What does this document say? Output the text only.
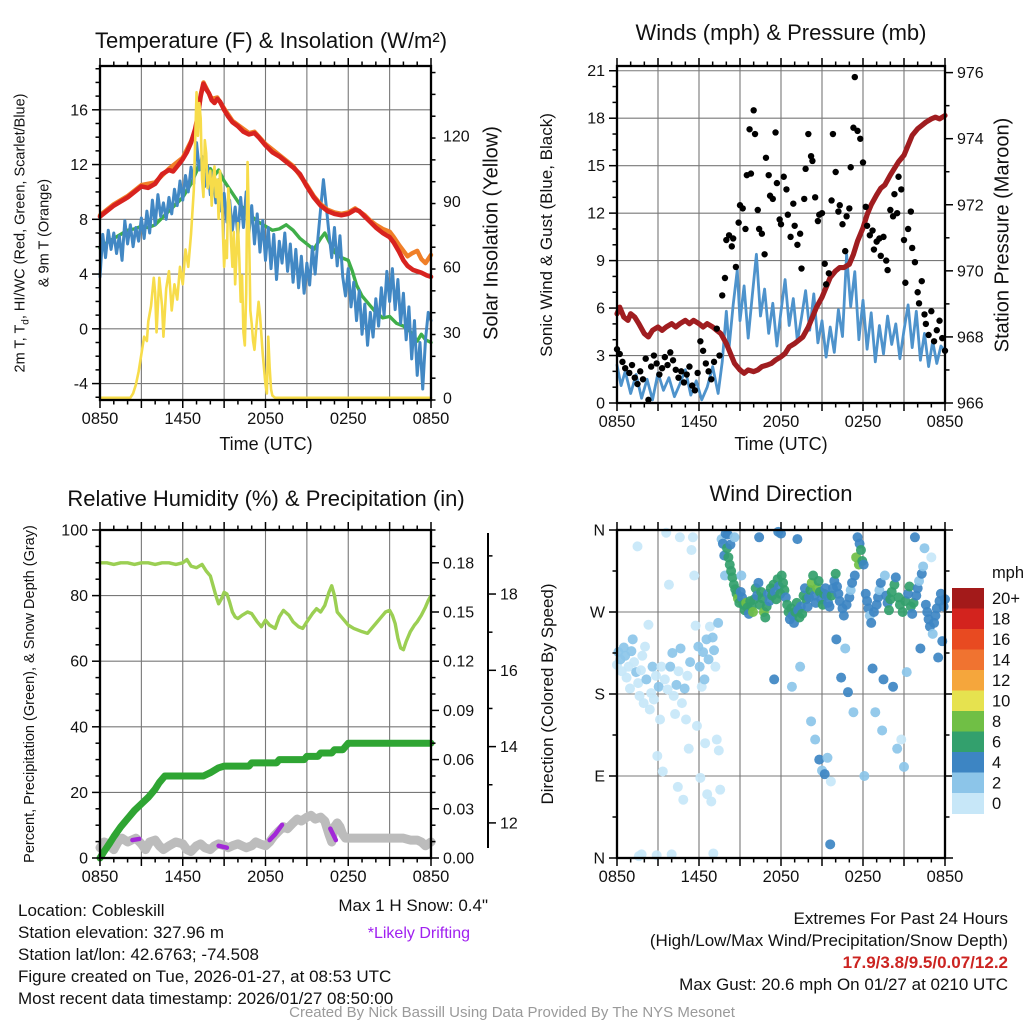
0850	1450	2050	0250	0850
-4
0
4
8
12
16
0
30
60
90
120
0850	1450	2050	0250	0850
0
3
6
9
12
15
18
21
966
968
970
972
974
976
0850	1450	2050	0250	0850
0
20
40
60
80
100
0.00
0.03
0.06
0.09
0.12
0.15
0.18
12
14
16
18
0850	1450	2050	0250	0850
N
E
S
W
N
mph
20+
18
16
14
12
10
8
6
4
2
0
Temperature (F) & Insolation (W/m²)	Winds (mph) & Pressure (mb)
Relative Humidity (%) & Precipitation (in)	Wind Direction
Time (UTC)	Time (UTC)
2m T, $T_d$, HI/WC (Red, Green, Scarlet/Blue) & 9m T (Orange)	Solar Insolation (Yellow) Sonic Wind & Gust (Blue, Black)	Station Pressure (Maroon)
Percent, Precipitation (Green), & Snow Depth (Gray)	Direction (Colored By Speed)
Max 1 H Snow: 0.4"
*Likely Drifting
Location: Cobleskill
Station elevation: 327.96 m
Station lat/lon: 42.6763; -74.508
Figure created on Tue, 2026-01-27, at 08:53 UTC
Most recent data timestamp: 2026/01/27 08:50:00
Extremes For Past 24 Hours
(High/Low/Max Wind/Precipitation/Snow Depth)
17.9/3.8/9.5/0.07/12.2
Max Gust: 20.6 mph On 01/27 at 0210 UTC
Created By Nick Bassill Using Data Provided By The NYS Mesonet
